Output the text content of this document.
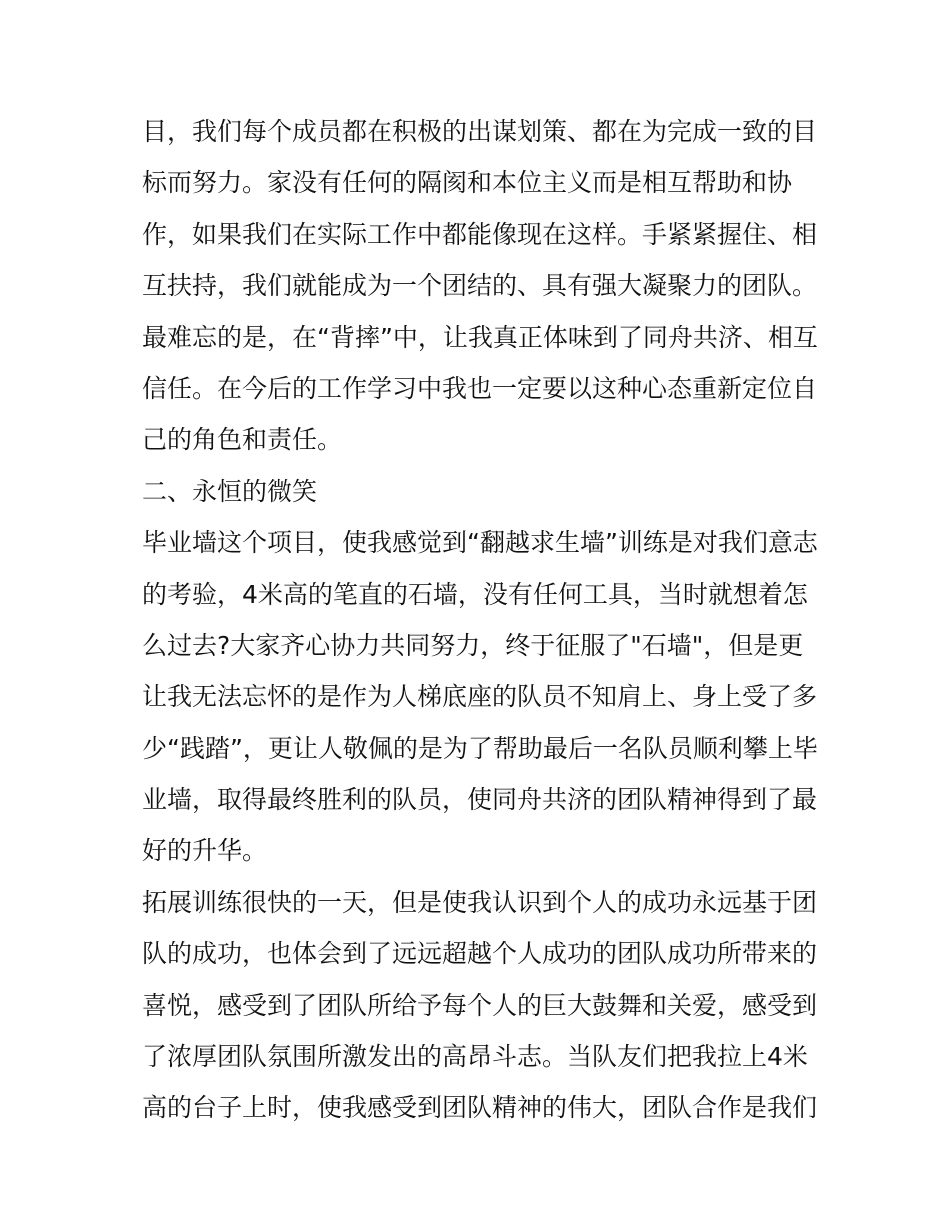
目，我们每个成员都在积极的出谋划策、都在为完成一致的目
标而努力。家没有任何的隔阂和本位主义而是相互帮助和协
作，如果我们在实际工作中都能像现在这样。手紧紧握住、相
互扶持，我们就能成为一个团结的、具有强大凝聚力的团队。
最难忘的是，在“背摔”中，让我真正体味到了同舟共济、相互
信任。在今后的工作学习中我也一定要以这种心态重新定位自
己的角色和责任。
二、永恒的微笑
毕业墙这个项目，使我感觉到“翻越求生墙”训练是对我们意志
的考验，4米高的笔直的石墙，没有任何工具，当时就想着怎
么过去?大家齐心协力共同努力，终于征服了"石墙"，但是更
让我无法忘怀的是作为人梯底座的队员不知肩上、身上受了多
少“践踏”，更让人敬佩的是为了帮助最后一名队员顺利攀上毕
业墙，取得最终胜利的队员，使同舟共济的团队精神得到了最
好的升华。
拓展训练很快的一天，但是使我认识到个人的成功永远基于团
队的成功，也体会到了远远超越个人成功的团队成功所带来的
喜悦，感受到了团队所给予每个人的巨大鼓舞和关爱，感受到
了浓厚团队氛围所激发出的高昂斗志。当队友们把我拉上4米
高的台子上时，使我感受到团队精神的伟大，团队合作是我们
